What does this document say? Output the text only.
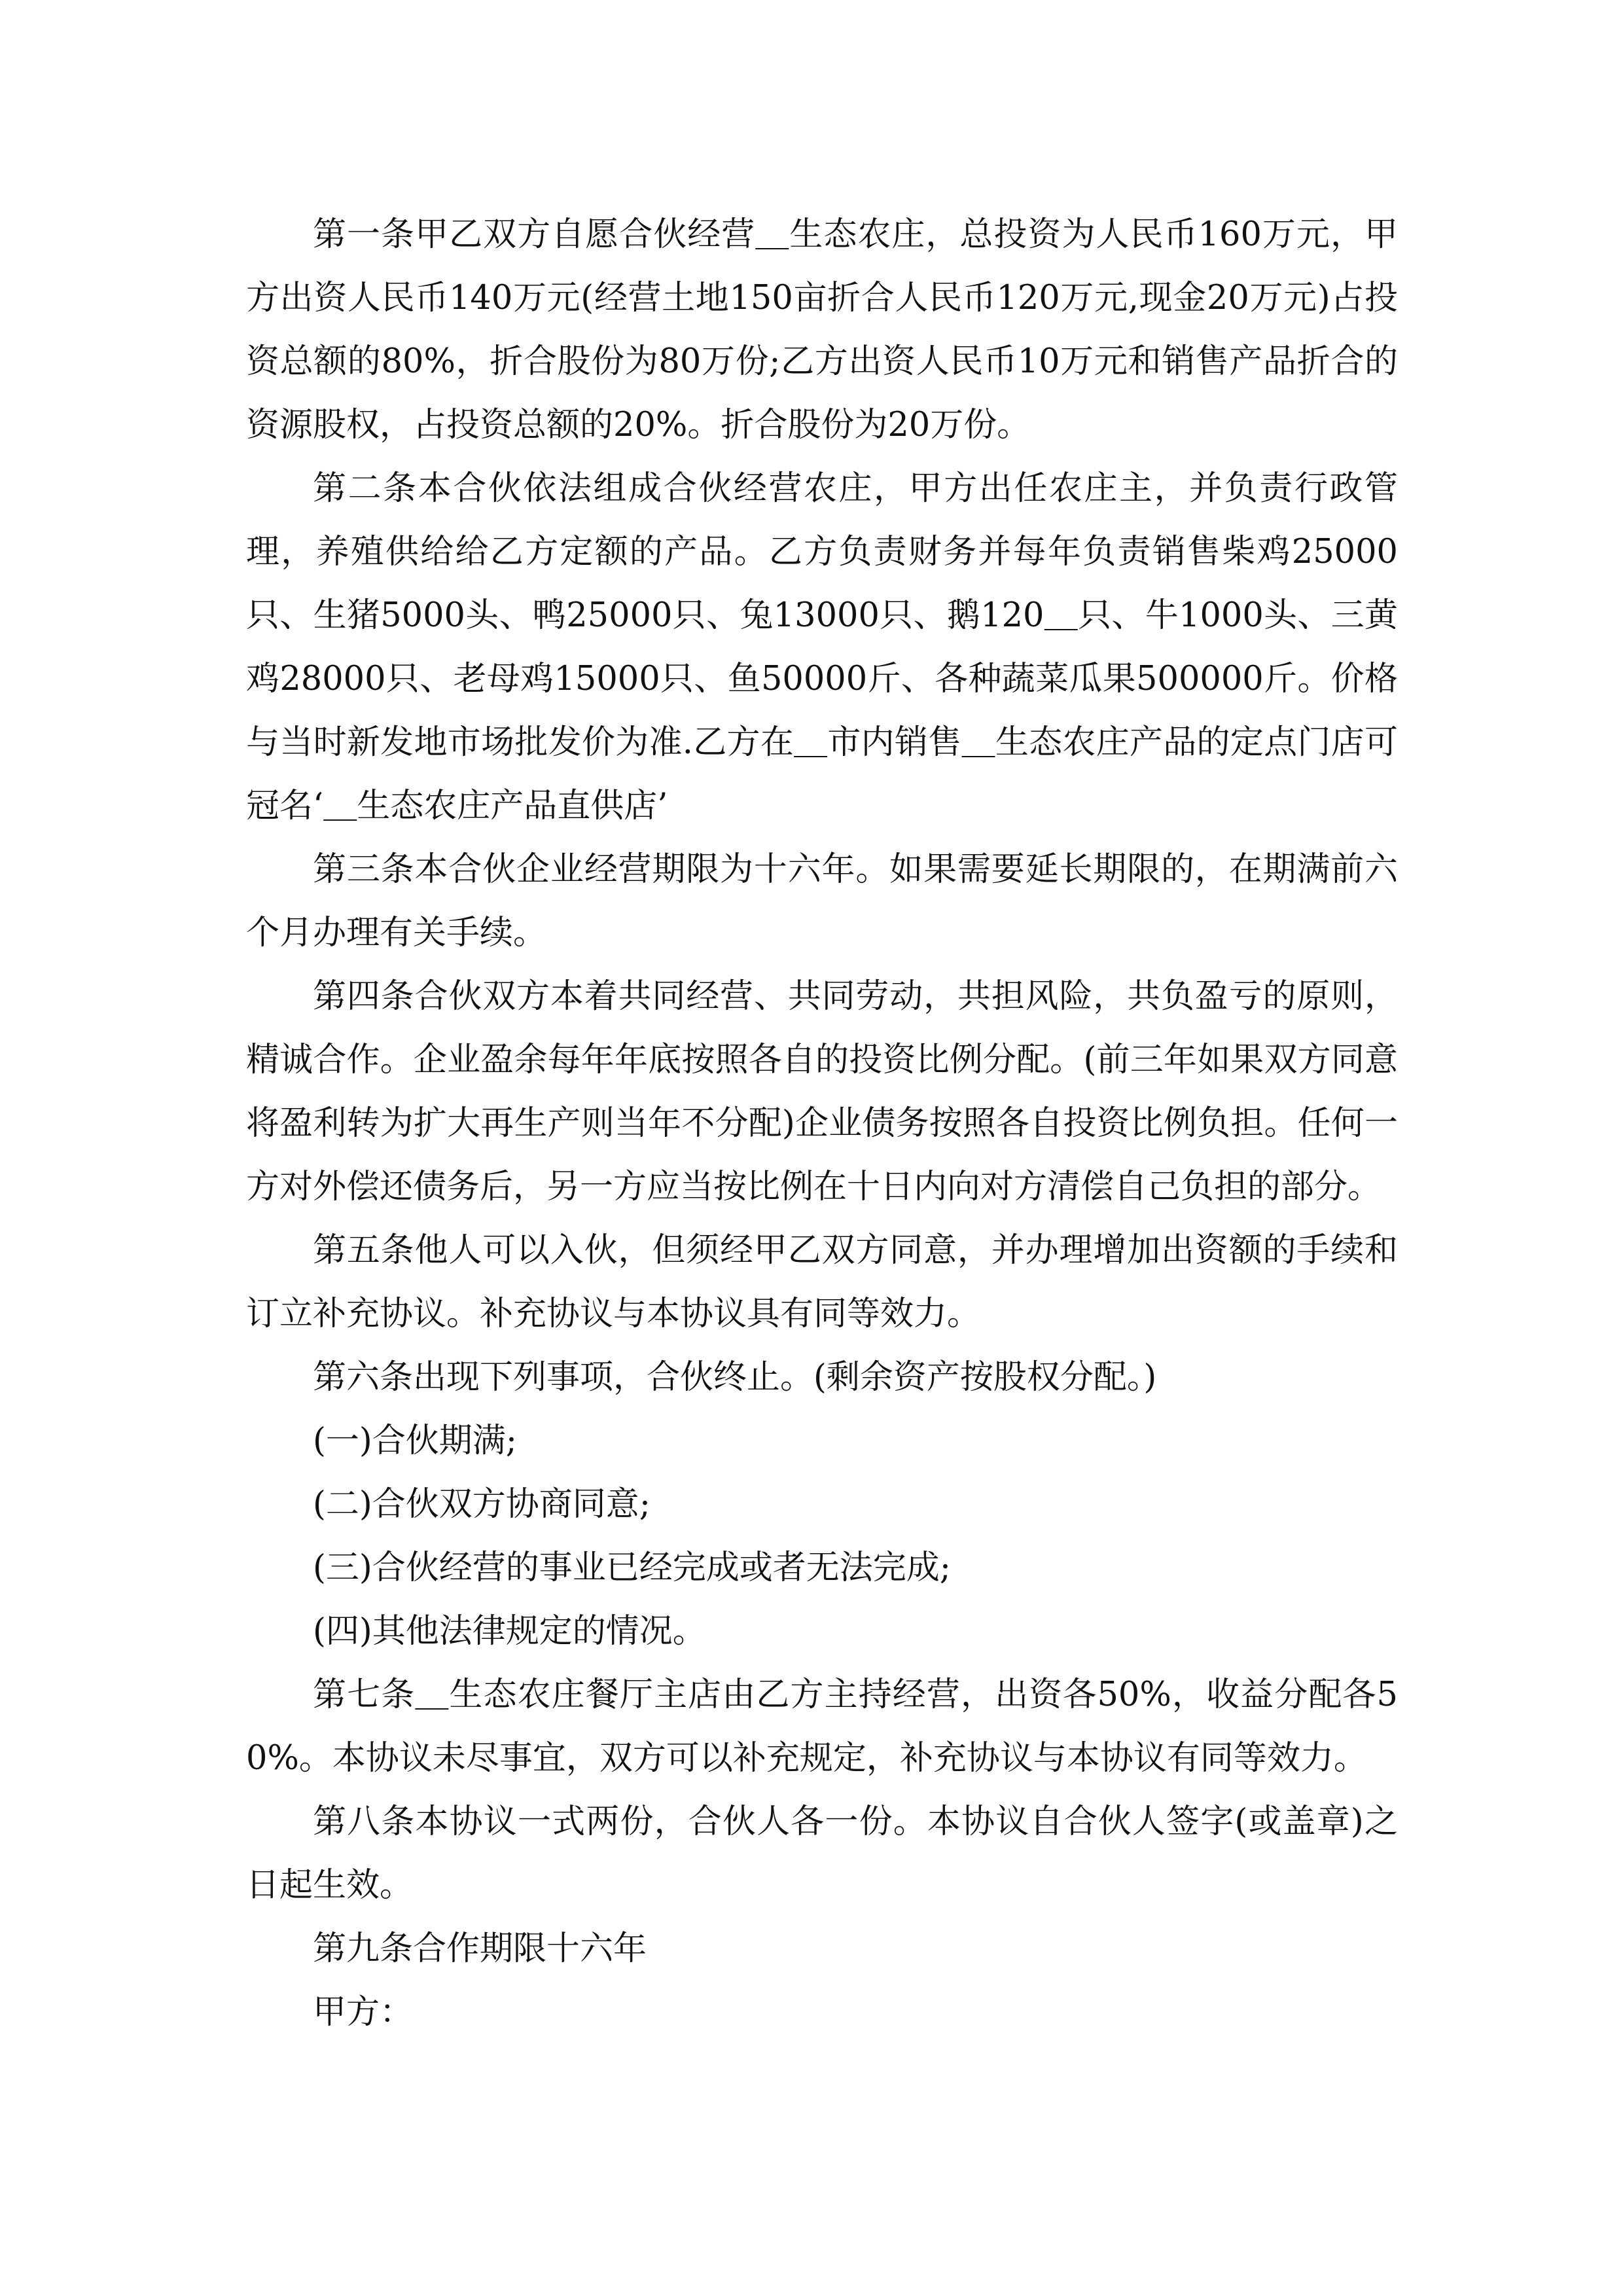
第一条甲乙双方自愿合伙经营＿生态农庄，总投资为人民币160万元，甲方出资人民币140万元(经营土地150亩折合人民币120万元,现金20万元)占投资总额的80%，折合股份为80万份;乙方出资人民币10万元和销售产品折合的资源股权，占投资总额的20%。折合股份为20万份。

第二条本合伙依法组成合伙经营农庄，甲方出任农庄主，并负责行政管理，养殖供给给乙方定额的产品。乙方负责财务并每年负责销售柴鸡25000只、生猪5000头、鸭25000只、兔13000只、鹅120＿只、牛1000头、三黄鸡28000只、老母鸡15000只、鱼50000斤、各种蔬菜瓜果500000斤。价格与当时新发地市场批发价为准.乙方在＿市内销售＿生态农庄产品的定点门店可冠名‘＿生态农庄产品直供店’

第三条本合伙企业经营期限为十六年。如果需要延长期限的，在期满前六个月办理有关手续。

第四条合伙双方本着共同经营、共同劳动，共担风险，共负盈亏的原则，精诚合作。企业盈余每年年底按照各自的投资比例分配。(前三年如果双方同意将盈利转为扩大再生产则当年不分配)企业债务按照各自投资比例负担。任何一方对外偿还债务后，另一方应当按比例在十日内向对方清偿自己负担的部分。

第五条他人可以入伙，但须经甲乙双方同意，并办理增加出资额的手续和订立补充协议。补充协议与本协议具有同等效力。

第六条出现下列事项，合伙终止。(剩余资产按股权分配。)

(一)合伙期满;

(二)合伙双方协商同意;

(三)合伙经营的事业已经完成或者无法完成;

(四)其他法律规定的情况。

第七条＿生态农庄餐厅主店由乙方主持经营，出资各50%，收益分配各50%。本协议未尽事宜，双方可以补充规定，补充协议与本协议有同等效力。

第八条本协议一式两份，合伙人各一份。本协议自合伙人签字(或盖章)之日起生效。

第九条合作期限十六年

甲方：
